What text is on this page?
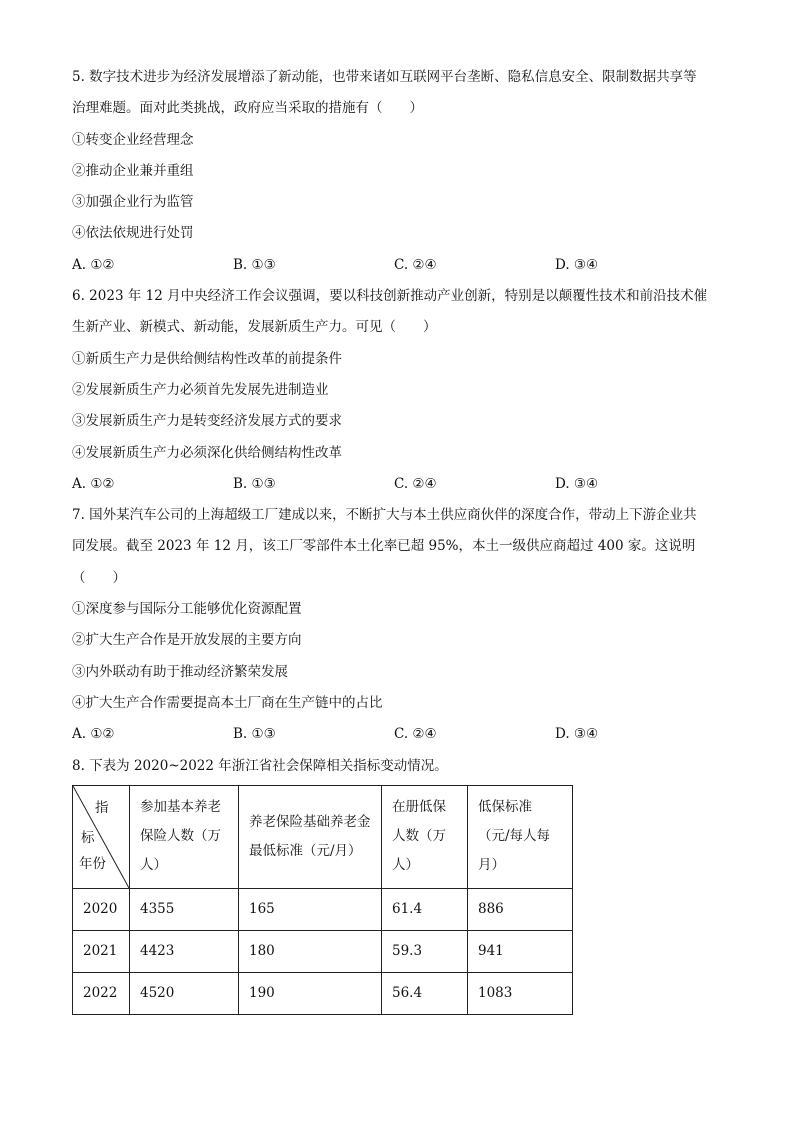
5. 数字技术进步为经济发展增添了新动能，也带来诸如互联网平台垄断、隐私信息安全、限制数据共享等
治理难题。面对此类挑战，政府应当采取的措施有（　　）
①转变企业经营理念
②推动企业兼并重组
③加强企业行为监管
④依法依规进行处罚
A. ①②	B. ①③	C. ②④	D. ③④
6. 2023 年 12 月中央经济工作会议强调，要以科技创新推动产业创新，特别是以颠覆性技术和前沿技术催
生新产业、新模式、新动能，发展新质生产力。可见（　　）
①新质生产力是供给侧结构性改革的前提条件
②发展新质生产力必须首先发展先进制造业
③发展新质生产力是转变经济发展方式的要求
④发展新质生产力必须深化供给侧结构性改革
A. ①②	B. ①③	C. ②④	D. ③④
7. 国外某汽车公司的上海超级工厂建成以来，不断扩大与本土供应商伙伴的深度合作，带动上下游企业共
同发展。截至 2023 年 12 月，该工厂零部件本土化率已超 95%，本土一级供应商超过 400 家。这说明
（　　）
①深度参与国际分工能够优化资源配置
②扩大生产合作是开放发展的主要方向
③内外联动有助于推动经济繁荣发展
④扩大生产合作需要提高本土厂商在生产链中的占比
A. ①②	B. ①③	C. ②④	D. ③④
8. 下表为 2020~2022 年浙江省社会保障相关指标变动情况。
指
标
年份	参加基本养老保险人数（万人）	养老保险基础养老金最低标准（元/月）	在册低保人数（万人）	低保标准（元/每人每月）
2020	4355	165	61.4	886
2021	4423	180	59.3	941
2022	4520	190	56.4	1083
